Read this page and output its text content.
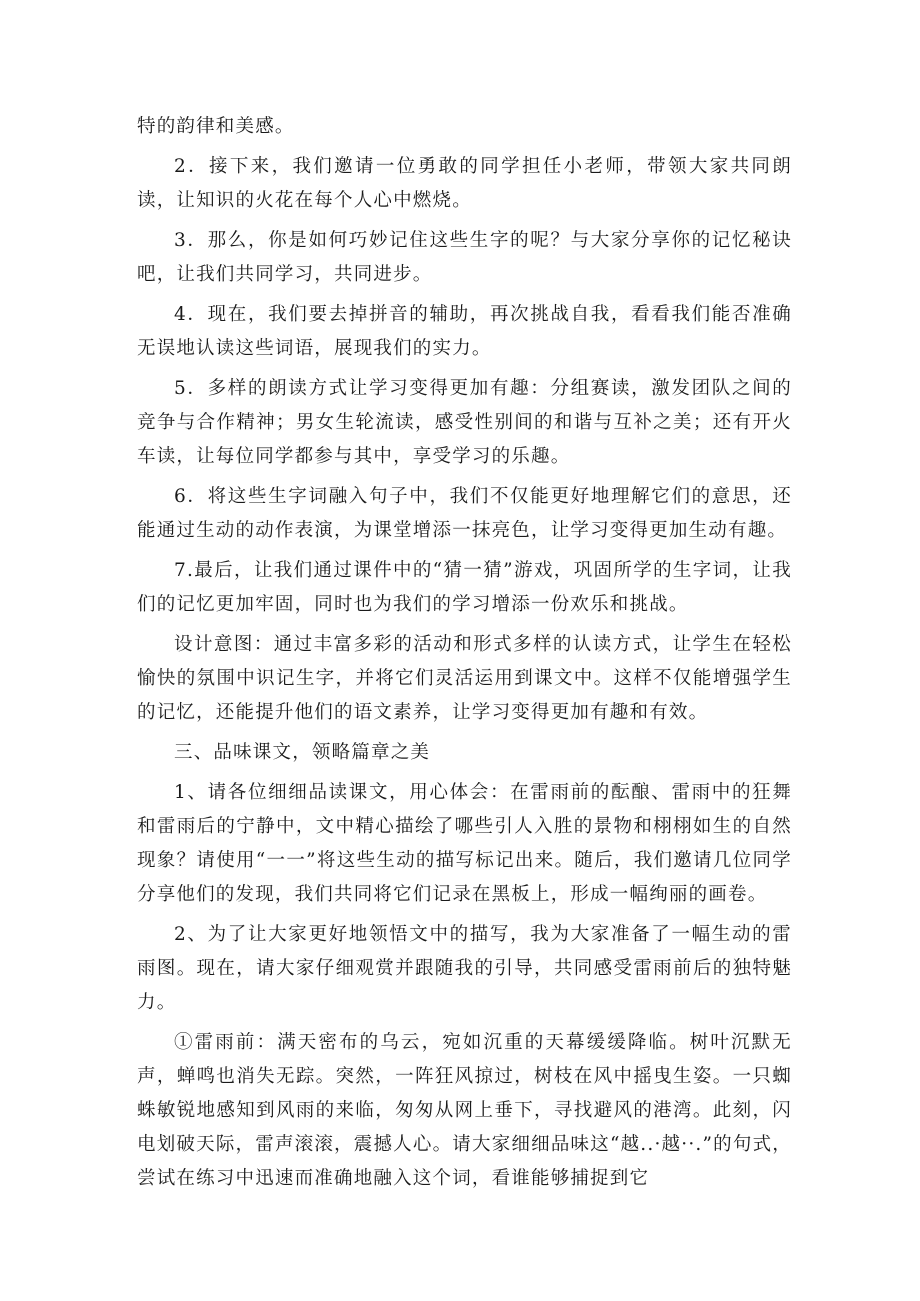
特的韵律和美感。

2．接下来，我们邀请一位勇敢的同学担任小老师，带领大家共同朗读，让知识的火花在每个人心中燃烧。

3．那么，你是如何巧妙记住这些生字的呢？与大家分享你的记忆秘诀吧，让我们共同学习，共同进步。

4．现在，我们要去掉拼音的辅助，再次挑战自我，看看我们能否准确无误地认读这些词语，展现我们的实力。

5．多样的朗读方式让学习变得更加有趣：分组赛读，激发团队之间的竞争与合作精神；男女生轮流读，感受性别间的和谐与互补之美；还有开火车读，让每位同学都参与其中，享受学习的乐趣。

6．将这些生字词融入句子中，我们不仅能更好地理解它们的意思，还能通过生动的动作表演，为课堂增添一抹亮色，让学习变得更加生动有趣。

7.最后，让我们通过课件中的“猜一猜”游戏，巩固所学的生字词，让我们的记忆更加牢固，同时也为我们的学习增添一份欢乐和挑战。

设计意图：通过丰富多彩的活动和形式多样的认读方式，让学生在轻松愉快的氛围中识记生字，并将它们灵活运用到课文中。这样不仅能增强学生的记忆，还能提升他们的语文素养，让学习变得更加有趣和有效。

三、品味课文，领略篇章之美

1、请各位细细品读课文，用心体会：在雷雨前的酝酿、雷雨中的狂舞和雷雨后的宁静中，文中精心描绘了哪些引人入胜的景物和栩栩如生的自然现象？请使用“一一”将这些生动的描写标记出来。随后，我们邀请几位同学分享他们的发现，我们共同将它们记录在黑板上，形成一幅绚丽的画卷。

2、为了让大家更好地领悟文中的描写，我为大家准备了一幅生动的雷雨图。现在，请大家仔细观赏并跟随我的引导，共同感受雷雨前后的独特魅力。

①雷雨前：满天密布的乌云，宛如沉重的天幕缓缓降临。树叶沉默无声，蝉鸣也消失无踪。突然，一阵狂风掠过，树枝在风中摇曳生姿。一只蜘蛛敏锐地感知到风雨的来临，匆匆从网上垂下，寻找避风的港湾。此刻，闪电划破天际，雷声滚滚，震撼人心。请大家细细品味这“越..·越··.”的句式，尝试在练习中迅速而准确地融入这个词，看谁能够捕捉到它
